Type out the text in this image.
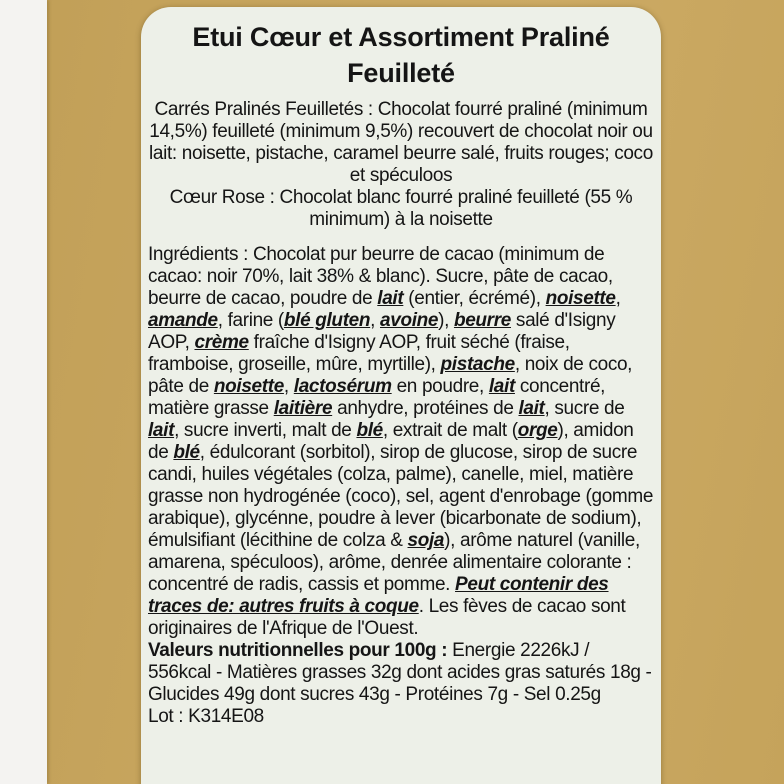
Etui Cœur et Assortiment Praliné Feuilleté

Carrés Pralinés Feuilletés : Chocolat fourré praliné (minimum 14,5%) feuilleté (minimum 9,5%) recouvert de chocolat noir ou lait: noisette, pistache, caramel beurre salé, fruits rouges; coco et spéculoos

Cœur Rose : Chocolat blanc fourré praliné feuilleté (55 % minimum) à la noisette

Ingrédients : Chocolat pur beurre de cacao (minimum de cacao: noir 70%, lait 38% & blanc). Sucre, pâte de cacao, beurre de cacao, poudre de lait (entier, écrémé), noisette, amande, farine (blé gluten, avoine), beurre salé d'Isigny AOP, crème fraîche d'Isigny AOP, fruit séché (fraise, framboise, groseille, mûre, myrtille), pistache, noix de coco, pâte de noisette, lactosérum en poudre, lait concentré, matière grasse laitière anhydre, protéines de lait, sucre de lait, sucre inverti, malt de blé, extrait de malt (orge), amidon de blé, édulcorant (sorbitol), sirop de glucose, sirop de sucre candi, huiles végétales (colza, palme), canelle, miel, matière grasse non hydrogénée (coco), sel, agent d'enrobage (gomme arabique), glycénne, poudre à lever (bicarbonate de sodium), émulsifiant (lécithine de colza & soja), arôme naturel (vanille, amarena, spéculoos), arôme, denrée alimentaire colorante : concentré de radis, cassis et pomme. Peut contenir des traces de: autres fruits à coque. Les fèves de cacao sont originaires de l'Afrique de l'Ouest.

Valeurs nutritionnelles pour 100g : Energie 2226kJ / 556kcal - Matières grasses 32g dont acides gras saturés 18g - Glucides 49g dont sucres 43g - Protéines 7g - Sel 0.25g

Lot : K314E08
